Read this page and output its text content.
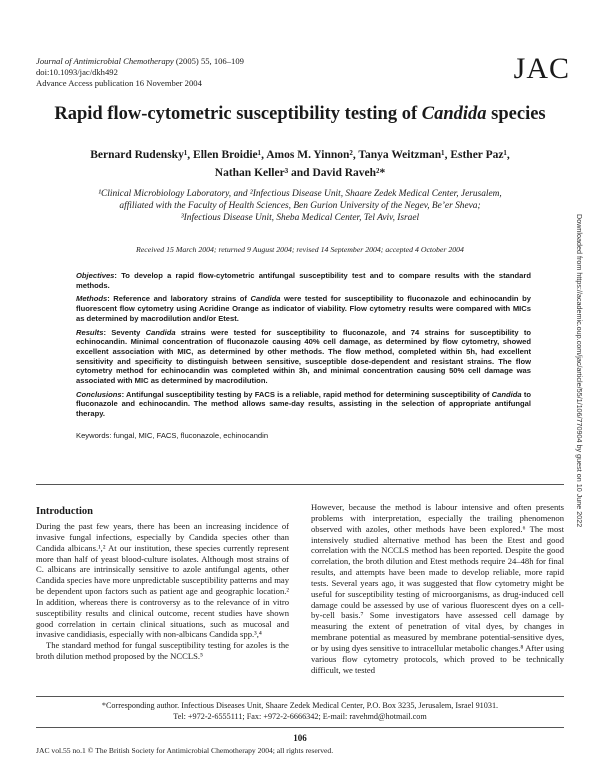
Journal of Antimicrobial Chemotherapy (2005) 55, 106–109
doi:10.1093/jac/dkh492
Advance Access publication 16 November 2004	JAC
Rapid flow-cytometric susceptibility testing of Candida species
Bernard Rudensky¹, Ellen Broidie¹, Amos M. Yinnon², Tanya Weitzman¹, Esther Paz¹,
Nathan Keller³ and David Raveh²*
¹Clinical Microbiology Laboratory, and ²Infectious Disease Unit, Shaare Zedek Medical Center, Jerusalem,
affiliated with the Faculty of Health Sciences, Ben Gurion University of the Negev, Be’er Sheva;
³Infectious Disease Unit, Sheba Medical Center, Tel Aviv, Israel
Received 15 March 2004; returned 9 August 2004; revised 14 September 2004; accepted 4 October 2004

Objectives: To develop a rapid flow-cytometric antifungal susceptibility test and to compare results with the standard methods.

Methods: Reference and laboratory strains of Candida were tested for susceptibility to fluconazole and echinocandin by fluorescent flow cytometry using Acridine Orange as indicator of viability. Flow cytometry results were compared with MICs as determined by macrodilution and/or Etest.

Results: Seventy Candida strains were tested for susceptibility to fluconazole, and 74 strains for susceptibility to echinocandin. Minimal concentration of fluconazole causing 40% cell damage, as determined by flow cytometry, showed excellent association with MIC, as determined by other methods. The flow method, completed within 5h, had excellent sensitivity and specificity to distinguish between sensitive, susceptible dose-dependent and resistant strains. The flow cytometry method for echinocandin was completed within 3h, and minimal concentration causing 50% cell damage was associated with MIC as determined by macrodilution.

Conclusions: Antifungal susceptibility testing by FACS is a reliable, rapid method for determining susceptibility of Candida to fluconazole and echinocandin. The method allows same-day results, assisting in the selection of appropriate antifungal therapy.

Keywords: fungal, MIC, FACS, fluconazole, echinocandin
Introduction

During the past few years, there has been an increasing incidence of invasive fungal infections, especially by Candida species other than Candida albicans.¹,² At our institution, these species currently represent more than half of yeast blood-culture isolates. Although most strains of C. albicans are intrinsically sensitive to azole antifungal agents, other Candida species have more unpredictable susceptibility patterns and may be dependent upon factors such as patient age and geographic location.² In addition, whereas there is controversy as to the relevance of in vitro susceptibility results and clinical outcome, recent studies have shown good correlation in certain clinical situations, such as mucosal and invasive candidiasis, especially with non-albicans Candida spp.³,⁴

The standard method for fungal susceptibility testing for azoles is the broth dilution method proposed by the NCCLS.⁵

However, because the method is labour intensive and often presents problems with interpretation, especially the trailing phenomenon observed with azoles, other methods have been explored.⁶ The most intensively studied alternative method has been the Etest and good correlation with the NCCLS method has been reported. Despite the good correlation, the broth dilution and Etest methods require 24–48h for final results, and attempts have been made to develop reliable, more rapid tests. Several years ago, it was suggested that flow cytometry might be useful for susceptibility testing of microorganisms, as drug-induced cell damage could be assessed by use of various fluorescent dyes on a cell-by-cell basis.⁷ Some investigators have assessed cell damage by measuring the extent of penetration of vital dyes, by changes in membrane potential as measured by membrane potential-sensitive dyes, or by using dyes sensitive to intracellular metabolic changes.⁸ After using various flow cytometry protocols, which proved to be technically difficult, we tested

*Corresponding author. Infectious Diseases Unit, Shaare Zedek Medical Center, P.O. Box 3235, Jerusalem, Israel 91031.
Tel: +972-2-6555111; Fax: +972-2-6666342; E-mail: ravehmd@hotmail.com
106
JAC vol.55 no.1 © The British Society for Antimicrobial Chemotherapy 2004; all rights reserved.
Downloaded from https://academic.oup.com/jac/article/55/1/106/770904 by guest on 10 June 2022
